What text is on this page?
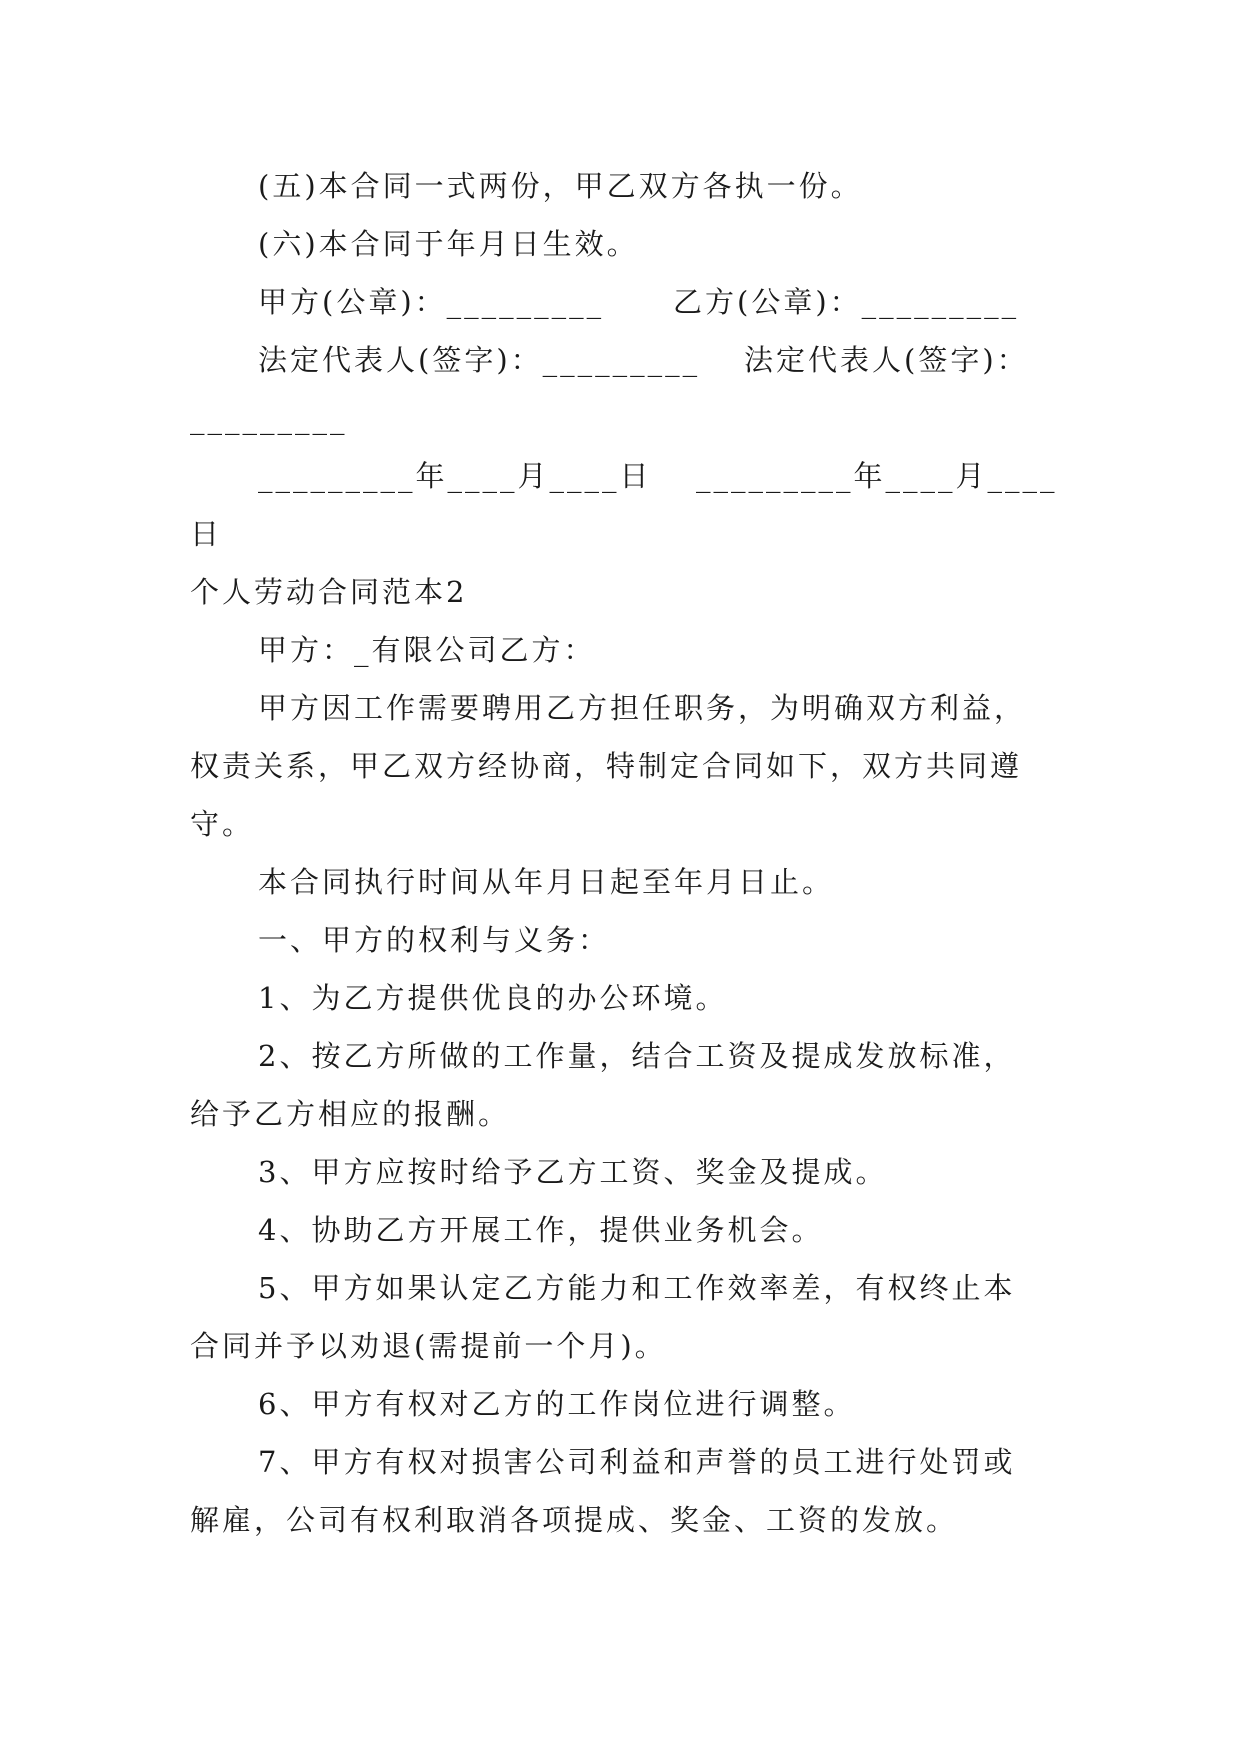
(五)本合同一式两份，甲乙双方各执一份。
(六)本合同于年月日生效。
甲方(公章)：_________ 乙方(公章)：_________
法定代表人(签字)：_________ 法定代表人(签字)：
_________
_________年____月____日 _________年____月____
日
个人劳动合同范本2
甲方：_有限公司乙方：
甲方因工作需要聘用乙方担任职务，为明确双方利益，
权责关系，甲乙双方经协商，特制定合同如下，双方共同遵
守。
本合同执行时间从年月日起至年月日止。
一、甲方的权利与义务：
1、为乙方提供优良的办公环境。
2、按乙方所做的工作量，结合工资及提成发放标准，
给予乙方相应的报酬。
3、甲方应按时给予乙方工资、奖金及提成。
4、协助乙方开展工作，提供业务机会。
5、甲方如果认定乙方能力和工作效率差，有权终止本
合同并予以劝退(需提前一个月)。
6、甲方有权对乙方的工作岗位进行调整。
7、甲方有权对损害公司利益和声誉的员工进行处罚或
解雇，公司有权利取消各项提成、奖金、工资的发放。
